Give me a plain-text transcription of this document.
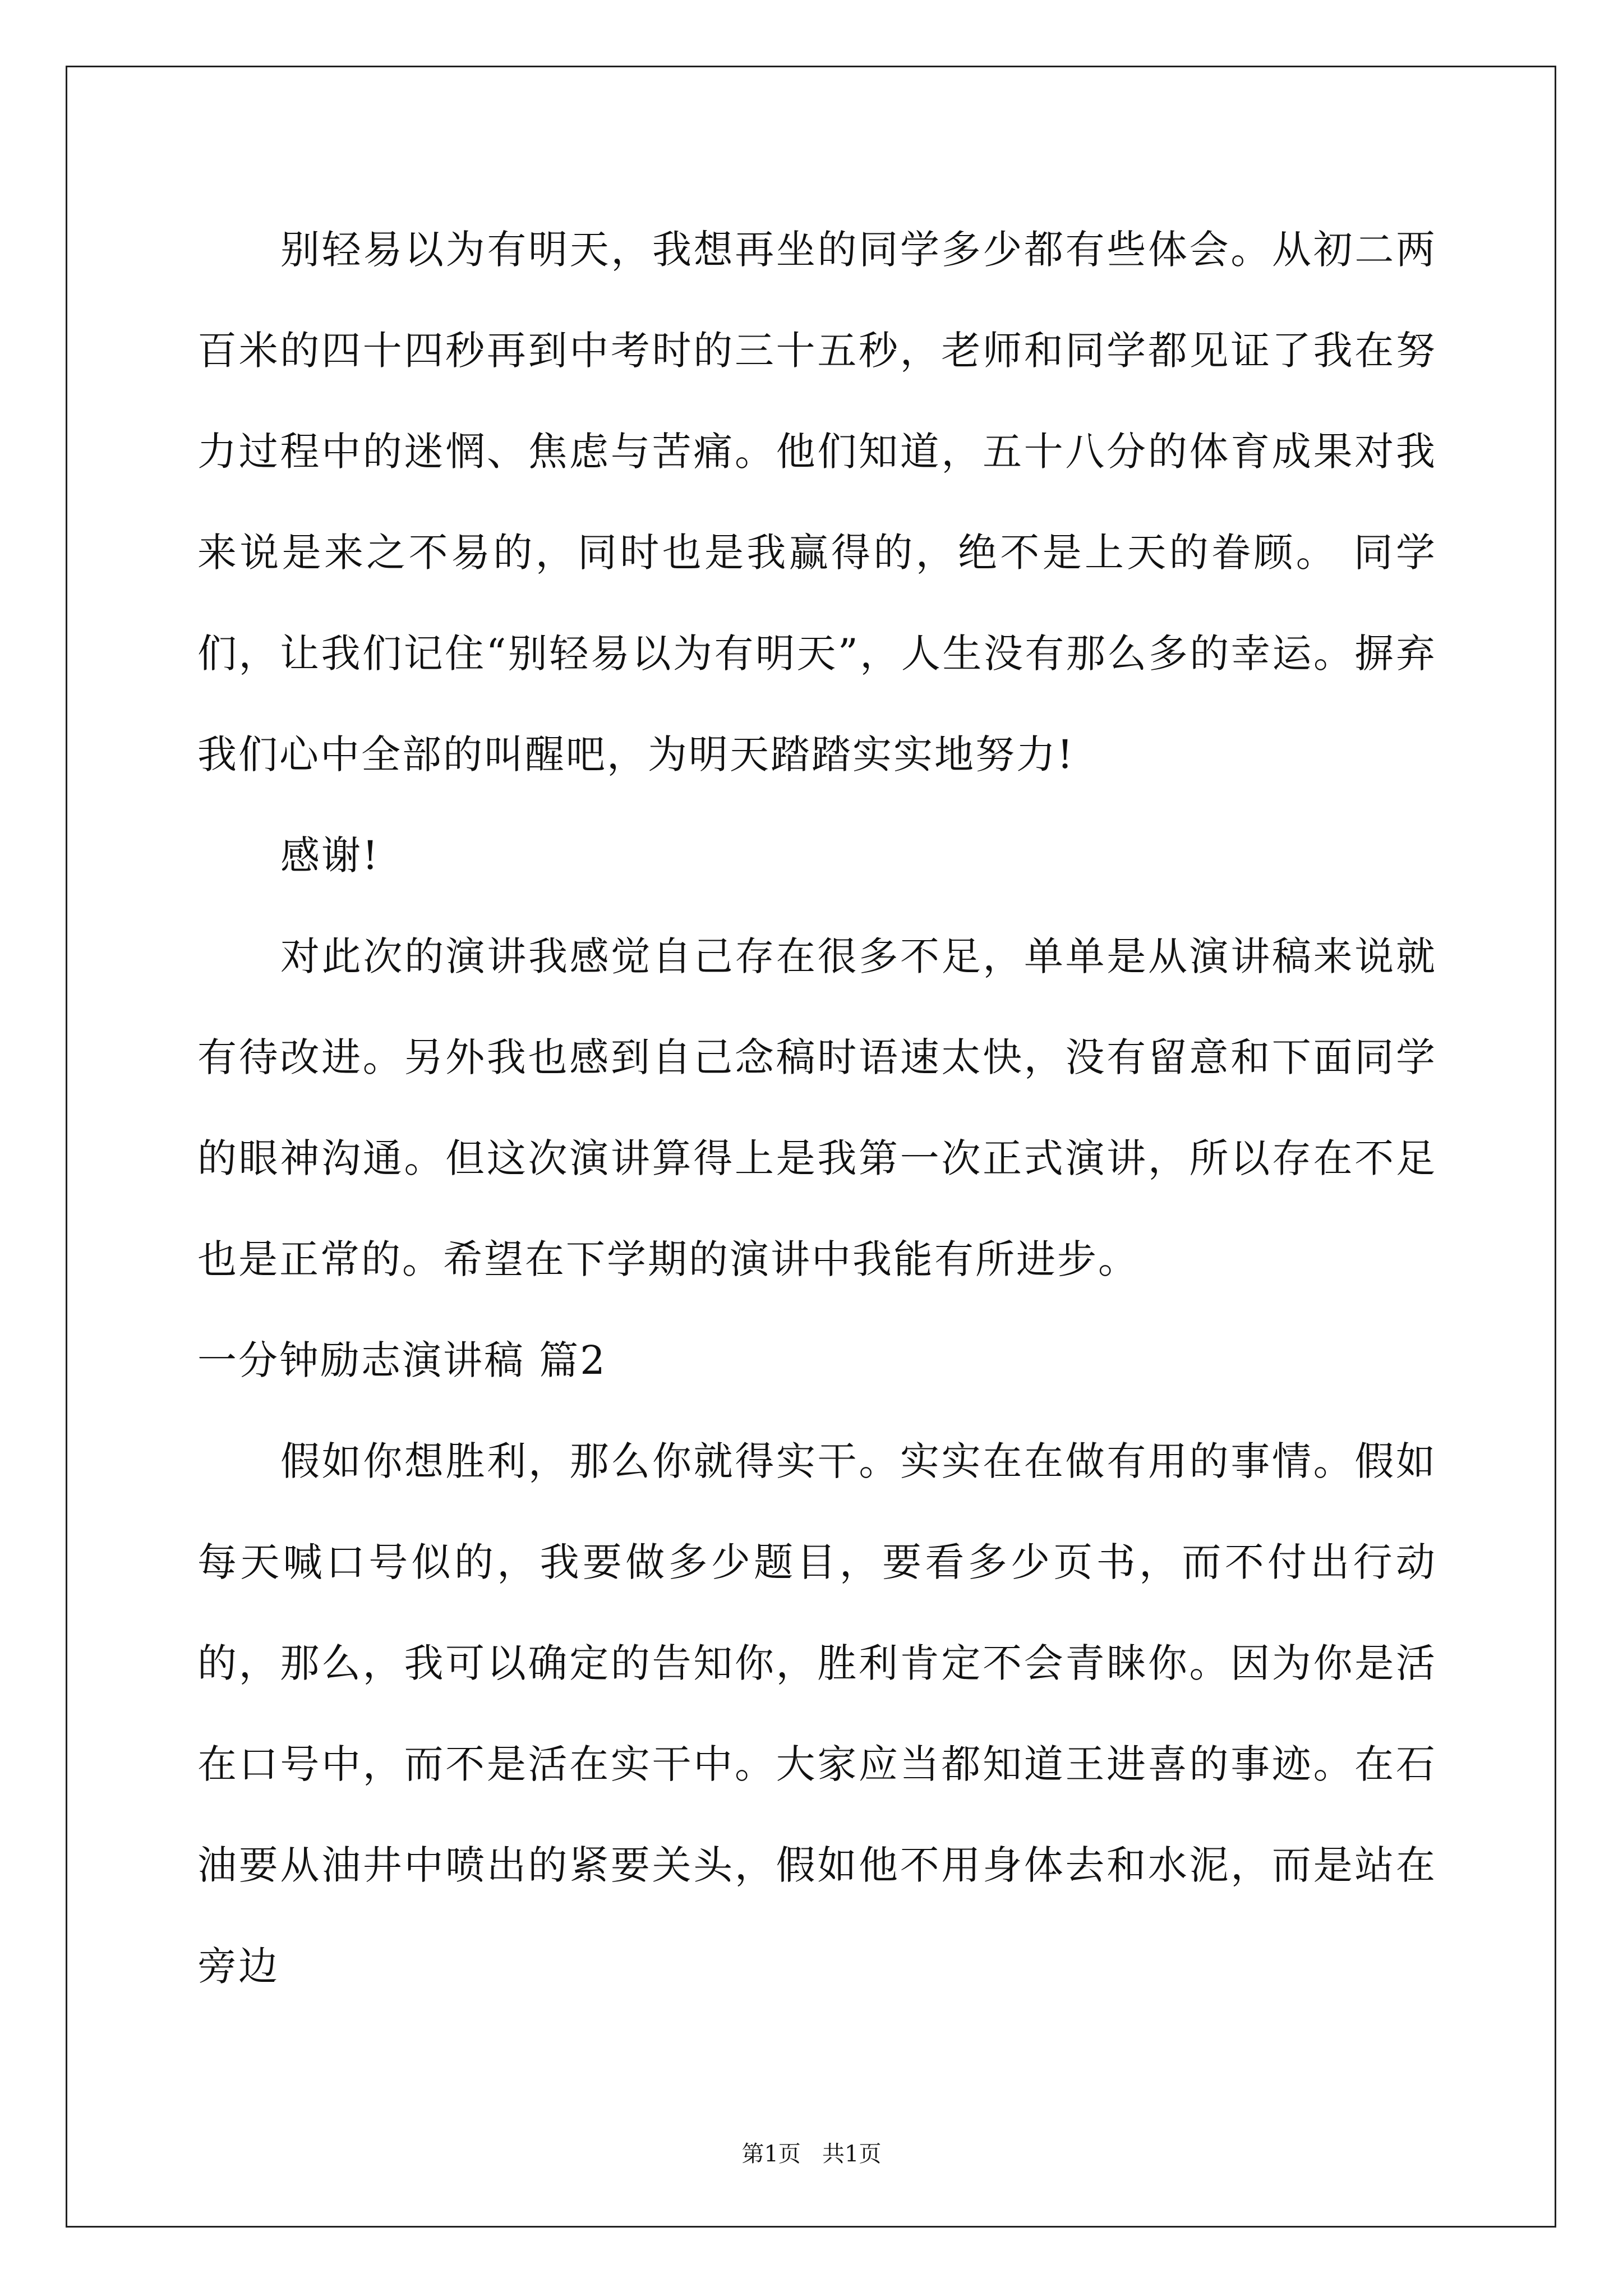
别轻易以为有明天，我想再坐的同学多少都有些体会。从初二两百米的四十四秒再到中考时的三十五秒，老师和同学都见证了我在努力过程中的迷惘、焦虑与苦痛。他们知道，五十八分的体育成果对我来说是来之不易的，同时也是我赢得的，绝不是上天的眷顾。 同学们，让我们记住“别轻易以为有明天”，人生没有那么多的幸运。摒弃我们心中全部的叫醒吧，为明天踏踏实实地努力!

感谢!

对此次的演讲我感觉自己存在很多不足，单单是从演讲稿来说就有待改进。另外我也感到自己念稿时语速太快，没有留意和下面同学的眼神沟通。但这次演讲算得上是我第一次正式演讲，所以存在不足也是正常的。希望在下学期的演讲中我能有所进步。

一分钟励志演讲稿 篇2

假如你想胜利，那么你就得实干。实实在在做有用的事情。假如每天喊口号似的，我要做多少题目，要看多少页书，而不付出行动的，那么，我可以确定的告知你，胜利肯定不会青睐你。因为你是活在口号中，而不是活在实干中。大家应当都知道王进喜的事迹。在石油要从油井中喷出的紧要关头，假如他不用身体去和水泥，而是站在旁边

第1页   共1页
